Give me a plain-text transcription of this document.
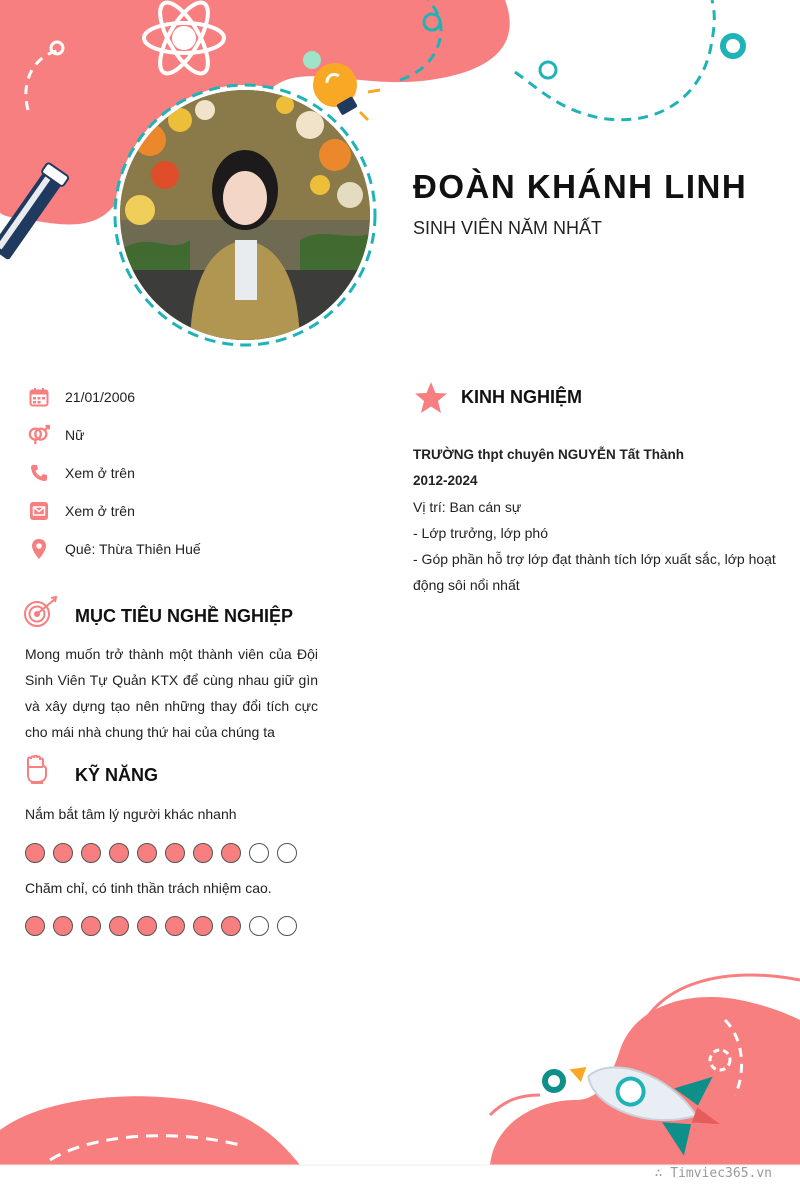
ĐOÀN KHÁNH LINH
SINH VIÊN NĂM NHẤT
21/01/2006
Nữ
Xem ở trên
Xem ở trên
Quê: Thừa Thiên Huế
MỤC TIÊU NGHỀ NGHIỆP
Mong muốn trở thành một thành viên của Đội Sinh Viên Tự Quản KTX để cùng nhau giữ gìn và xây dựng tạo nên những thay đổi tích cực cho mái nhà chung thứ hai của chúng ta
KỸ NĂNG
Nắm bắt tâm lý người khác nhanh
Chăm chỉ, có tinh thần trách nhiệm cao.
KINH NGHIỆM
TRƯỜNG thpt chuyên NGUYỄN Tất Thành
2012-2024
Vị trí: Ban cán sự
- Lớp trưởng, lớp phó
- Góp phần hỗ trợ lớp đạt thành tích lớp xuất sắc, lớp hoạt động sôi nổi nhất
∴ Timviec365.vn
